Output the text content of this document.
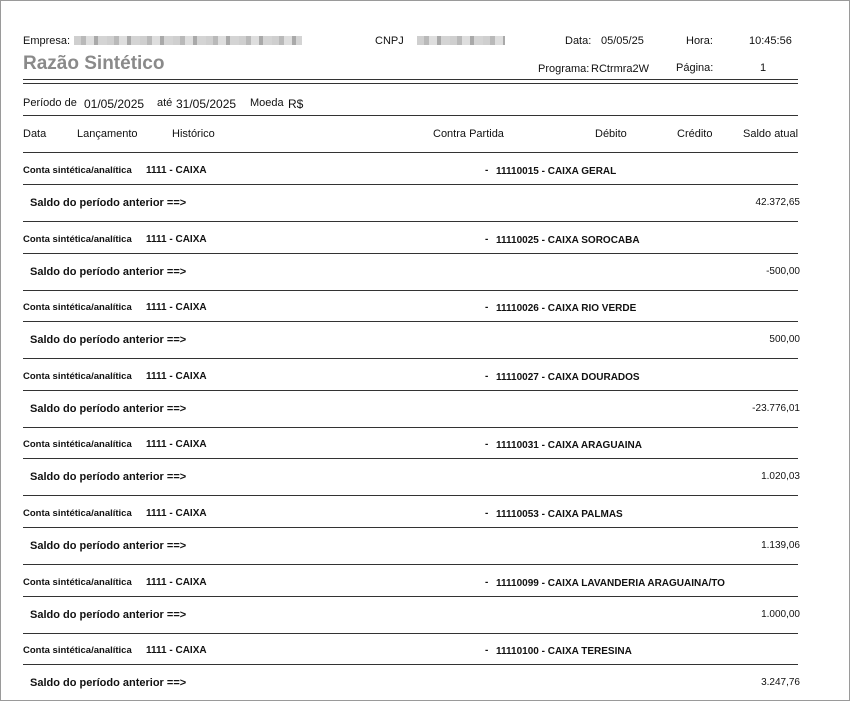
Empresa:	CNPJ	Data: 05/05/25	Hora:	10:45:56
Razão Sintético	Programa: RCtrmra2W Página:	1
Período de 01/05/2025 até 31/05/2025 Moeda R$
Data	Lançamento	Histórico	Contra Partida	Débito	Crédito	Saldo atual
Conta sintética/analítica 1111 - CAIXA	- 11110015 - CAIXA GERAL
Saldo do período anterior ==>	42.372,65
Conta sintética/analítica 1111 - CAIXA	- 11110025 - CAIXA SOROCABA
Saldo do período anterior ==>	-500,00
Conta sintética/analítica 1111 - CAIXA	- 11110026 - CAIXA RIO VERDE
Saldo do período anterior ==>	500,00
Conta sintética/analítica 1111 - CAIXA	- 11110027 - CAIXA DOURADOS
Saldo do período anterior ==>	-23.776,01
Conta sintética/analítica 1111 - CAIXA	- 11110031 - CAIXA ARAGUAINA
Saldo do período anterior ==>	1.020,03
Conta sintética/analítica 1111 - CAIXA	- 11110053 - CAIXA PALMAS
Saldo do período anterior ==>	1.139,06
Conta sintética/analítica 1111 - CAIXA	- 11110099 - CAIXA LAVANDERIA ARAGUAINA/TO
Saldo do período anterior ==>	1.000,00
Conta sintética/analítica 1111 - CAIXA	- 11110100 - CAIXA TERESINA
Saldo do período anterior ==>	3.247,76
